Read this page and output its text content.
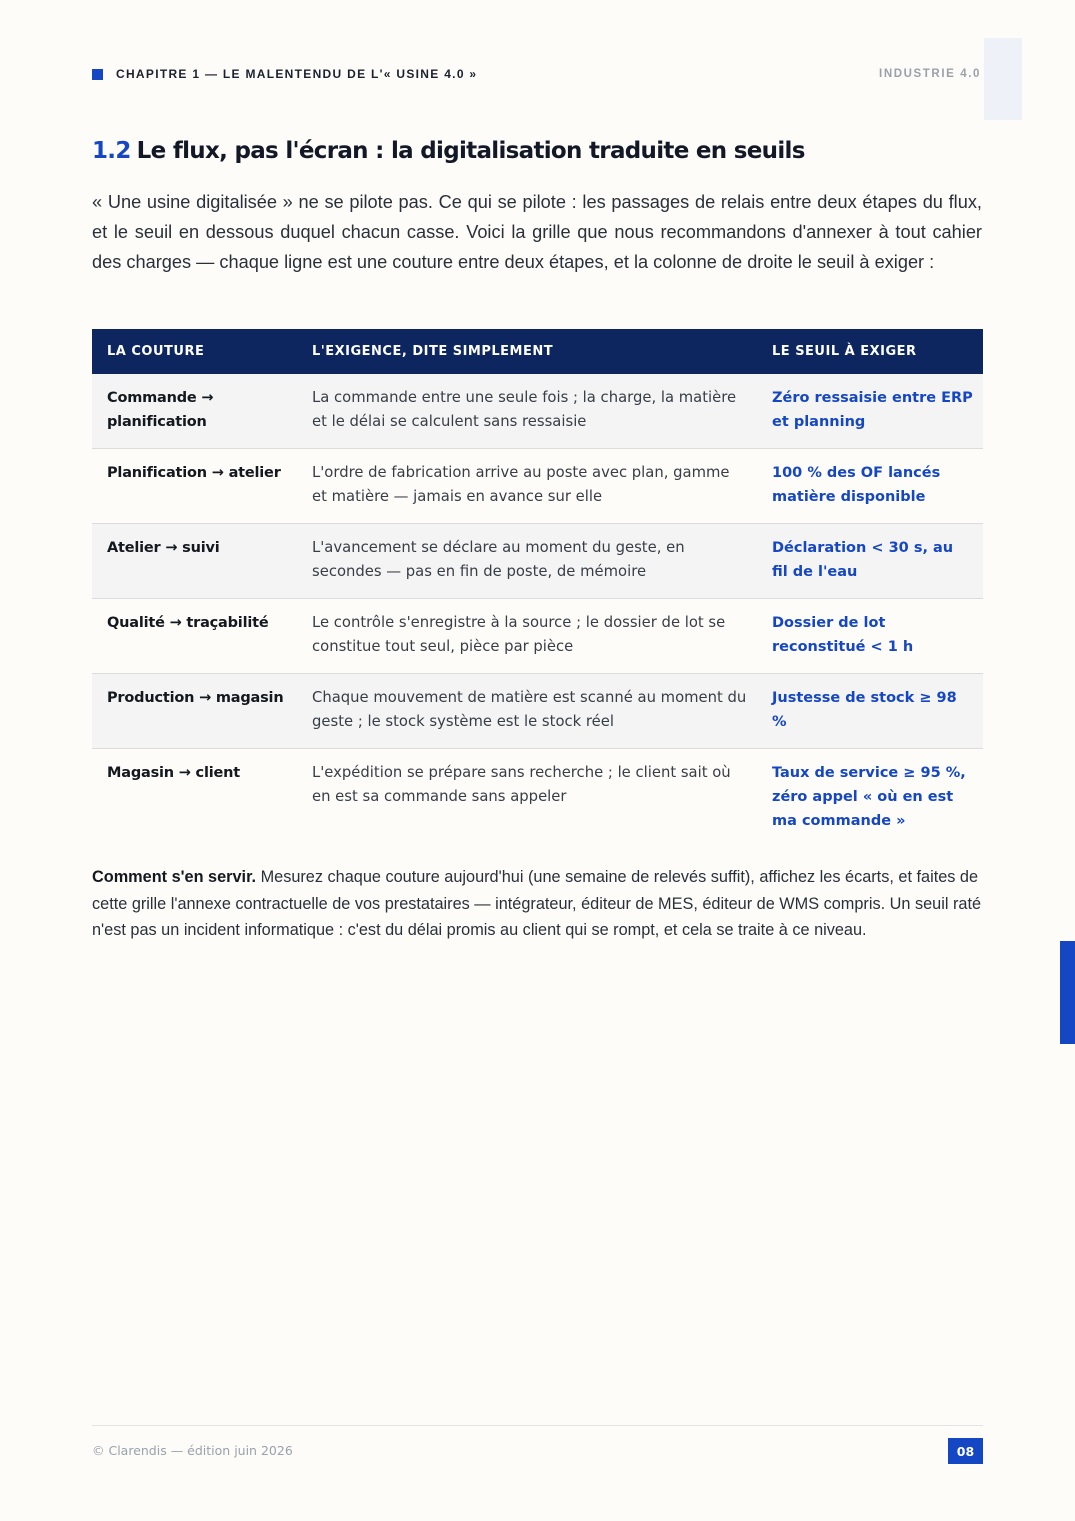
CHAPITRE 1 — LE MALENTENDU DE L'« USINE 4.0 »	INDUSTRIE 4.0
1.2 Le flux, pas l'écran : la digitalisation traduite en seuils

« Une usine digitalisée » ne se pilote pas. Ce qui se pilote : les passages de relais entre deux étapes du flux, et le seuil en dessous duquel chacun casse. Voici la grille que nous recommandons d'annexer à tout cahier des charges — chaque ligne est une couture entre deux étapes, et la colonne de droite le seuil à exiger :

LA COUTURE	L'EXIGENCE, DITE SIMPLEMENT	LE SEUIL À EXIGER
Commande → planification	La commande entre une seule fois ; la charge, la matière et le délai se calculent sans ressaisie	Zéro ressaisie entre ERP et planning
Planification → atelier	L'ordre de fabrication arrive au poste avec plan, gamme et matière — jamais en avance sur elle	100 % des OF lancés matière disponible
Atelier → suivi	L'avancement se déclare au moment du geste, en secondes — pas en fin de poste, de mémoire	Déclaration < 30 s, au fil de l'eau
Qualité → traçabilité	Le contrôle s'enregistre à la source ; le dossier de lot se constitue tout seul, pièce par pièce	Dossier de lot reconstitué < 1 h
Production → magasin	Chaque mouvement de matière est scanné au moment du geste ; le stock système est le stock réel	Justesse de stock ≥ 98 %
Magasin → client	L'expédition se prépare sans recherche ; le client sait où en est sa commande sans appeler	Taux de service ≥ 95 %, zéro appel « où en est ma commande »

Comment s'en servir. Mesurez chaque couture aujourd'hui (une semaine de relevés suffit), affichez les écarts, et faites de cette grille l'annexe contractuelle de vos prestataires — intégrateur, éditeur de MES, éditeur de WMS compris. Un seuil raté n'est pas un incident informatique : c'est du délai promis au client qui se rompt, et cela se traite à ce niveau.

© Clarendis — édition juin 2026	08
